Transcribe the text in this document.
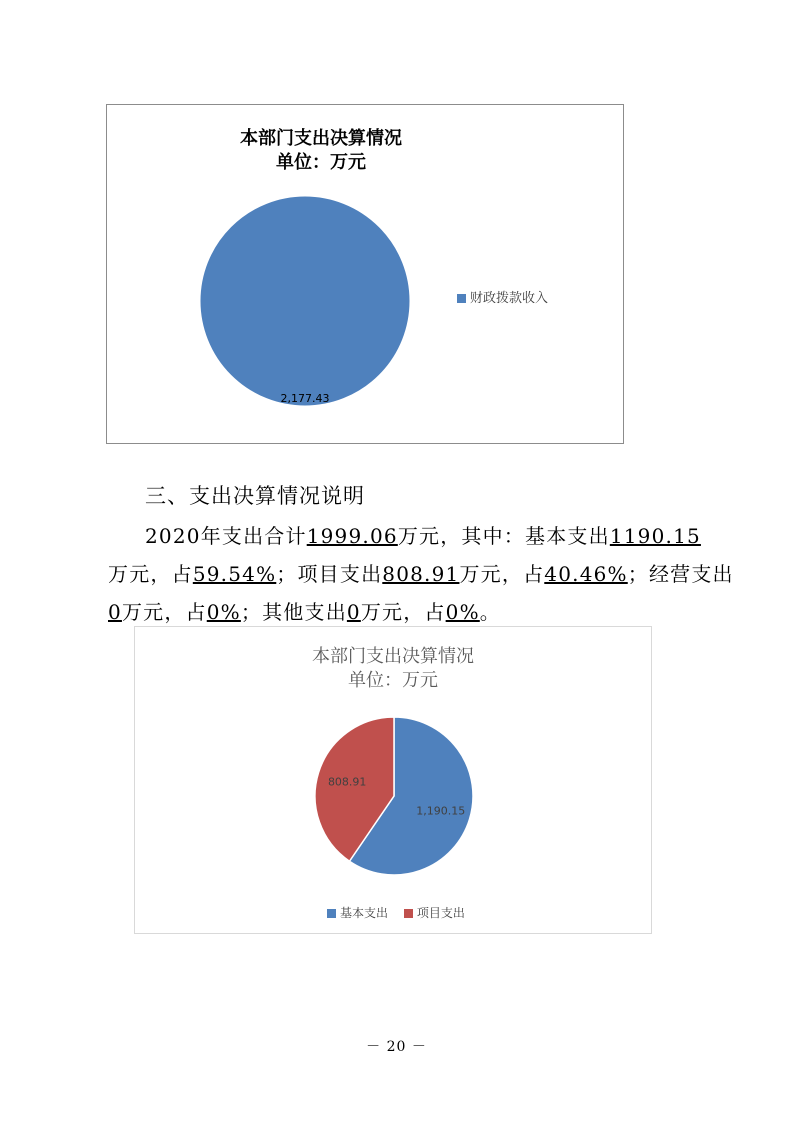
本部门支出决算情况
单位：万元
2,177.43
财政拨款收入
三、支出决算情况说明
2020年支出合计1999.06万元，其中：基本支出1190.15
万元，占59.54%；项目支出808.91万元，占40.46%；经营支出
0万元，占0%；其他支出0万元，占0%。
本部门支出决算情况
单位：万元
1,190.15
808.91
基本支出 项目支出
－ 20 －
